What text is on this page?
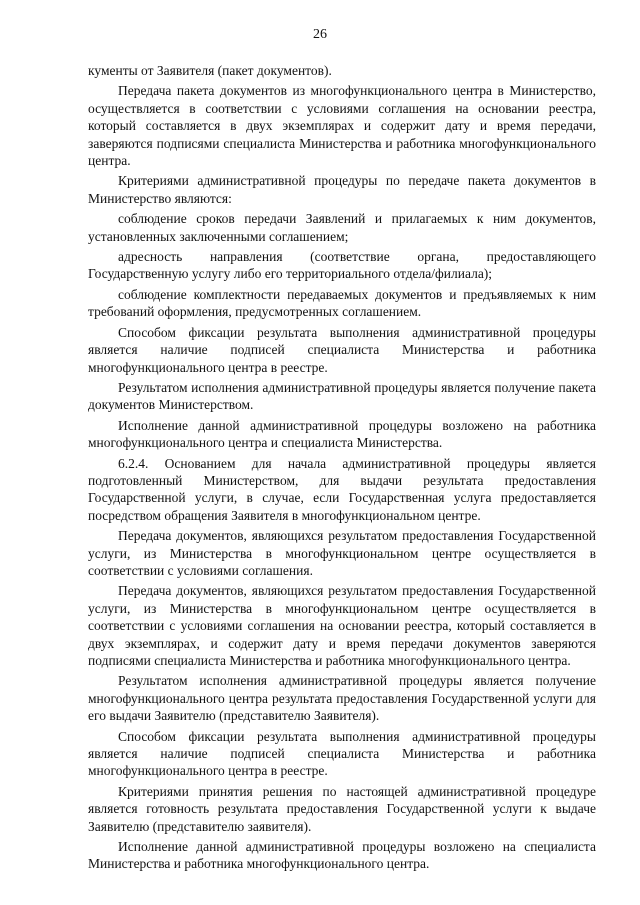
26

кументы от Заявителя (пакет документов).

Передача пакета документов из многофункционального центра в Министерство, осуществляется в соответствии с условиями соглашения на основании реестра, который составляется в двух экземплярах и содержит дату и время передачи, заверяются подписями специалиста Министерства и работника многофункционального центра.

Критериями административной процедуры по передаче пакета документов в Министерство являются:

соблюдение сроков передачи Заявлений и прилагаемых к ним документов, установленных заключенными соглашением;

адресность направления (соответствие органа, предоставляющего Государственную услугу либо его территориального отдела/филиала);

соблюдение комплектности передаваемых документов и предъявляемых к ним требований оформления, предусмотренных соглашением.

Способом фиксации результата выполнения административной процедуры является наличие подписей специалиста Министерства и работника многофункционального центра в реестре.

Результатом исполнения административной процедуры является получение пакета документов Министерством.

Исполнение данной административной процедуры возложено на работника многофункционального центра и специалиста Министерства.

6.2.4. Основанием для начала административной процедуры является подготовленный Министерством, для выдачи результата предоставления Государственной услуги, в случае, если Государственная услуга предоставляется посредством обращения Заявителя в многофункциональном центре.

Передача документов, являющихся результатом предоставления Государственной услуги, из Министерства в многофункциональном центре осуществляется в соответствии с условиями соглашения.

Передача документов, являющихся результатом предоставления Государственной услуги, из Министерства в многофункциональном центре осуществляется в соответствии с условиями соглашения на основании реестра, который составляется в двух экземплярах, и содержит дату и время передачи документов заверяются подписями специалиста Министерства и работника многофункционального центра.

Результатом исполнения административной процедуры является получение многофункционального центра результата предоставления Государственной услуги для его выдачи Заявителю (представителю Заявителя).

Способом фиксации результата выполнения административной процедуры является наличие подписей специалиста Министерства и работника многофункционального центра в реестре.

Критериями принятия решения по настоящей административной процедуре является готовность результата предоставления Государственной услуги к выдаче Заявителю (представителю заявителя).

Исполнение данной административной процедуры возложено на специалиста Министерства и работника многофункционального центра.
